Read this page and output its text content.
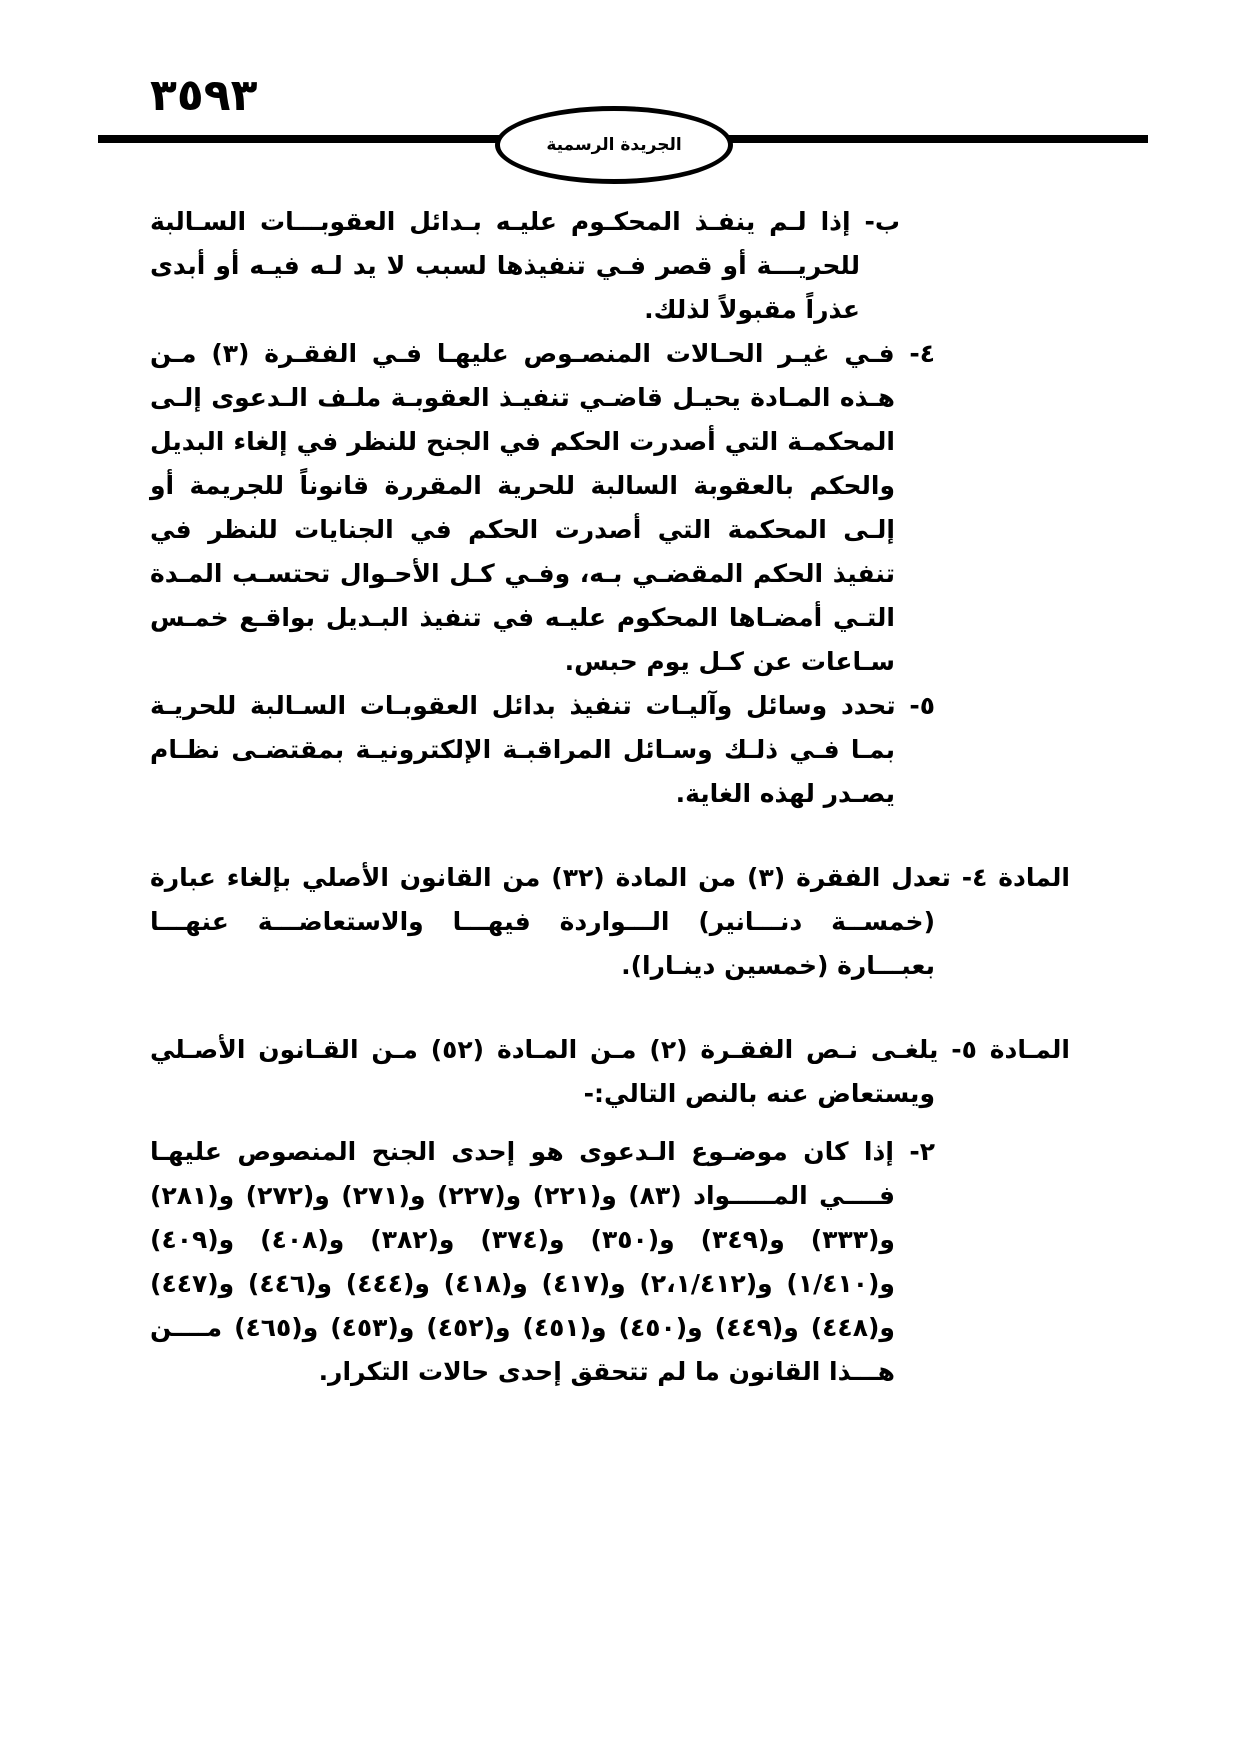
٣٥٩٣
الجريدة الرسمية
ب- إذا لـم ينفـذ المحكـوم عليـه بـدائل العقوبـــات السـالبة للحريـــة أو قصر فـي تنفيذها لسبب لا يد لـه فيـه أو أبدى عذراً مقبولاً لذلك.
٤- فـي غيـر الحـالات المنصـوص عليهـا فـي الفقـرة (٣) مـن هـذه المـادة يحيـل قاضـي تنفيـذ العقوبـة ملـف الـدعوى إلـى المحكمـة التي أصدرت الحكم في الجنح للنظر في إلغاء البديل والحكم بالعقوبة السالبة للحرية المقررة قانوناً للجريمة أو إلـى المحكمة التي أصدرت الحكم في الجنايات للنظر في تنفيذ الحكم المقضـي بـه، وفـي كـل الأحـوال تحتسـب المـدة التـي أمضـاها المحكوم عليـه في تنفيذ البـديل بواقـع خمـس سـاعات عن كـل يوم حبس.
٥- تحدد وسائل وآليـات تنفيذ بدائل العقوبـات السـالبة للحريـة بمـا فـي ذلـك وسـائل المراقبـة الإلكترونيـة بمقتضـى نظـام يصـدر لهذه الغاية.
المادة ٤- تعدل الفقرة (٣) من المادة (٣٢) من القانون الأصلي بإلغاء عبارة (خمســة دنـــانير) الـــواردة فيهـــا والاستعاضـــة عنهـــا بعبـــارة (خمسين دينـارا).
المـادة ٥- يلغـى نـص الفقـرة (٢) مـن المـادة (٥٢) مـن القـانون الأصـلي ويستعاض عنه بالنص التالي:-
٢- إذا كان موضـوع الـدعوى هو إحدى الجنح المنصوص عليهـا فــــي المـــــواد (٨٣) و(٢٢١) و(٢٢٧) و(٢٧١) و(٢٧٢) و(٢٨١) و(٣٣٣) و(٣٤٩) و(٣٥٠) و(٣٧٤) و(٣٨٢) و(٤٠٨) و(٤٠٩) و(١/٤١٠) و(٢،١/٤١٢) و(٤١٧) و(٤١٨) و(٤٤٤) و(٤٤٦) و(٤٤٧) و(٤٤٨) و(٤٤٩) و(٤٥٠) و(٤٥١) و(٤٥٢) و(٤٥٣) و(٤٦٥) مــــن هـــذا القانون ما لم تتحقق إحدى حالات التكرار.
